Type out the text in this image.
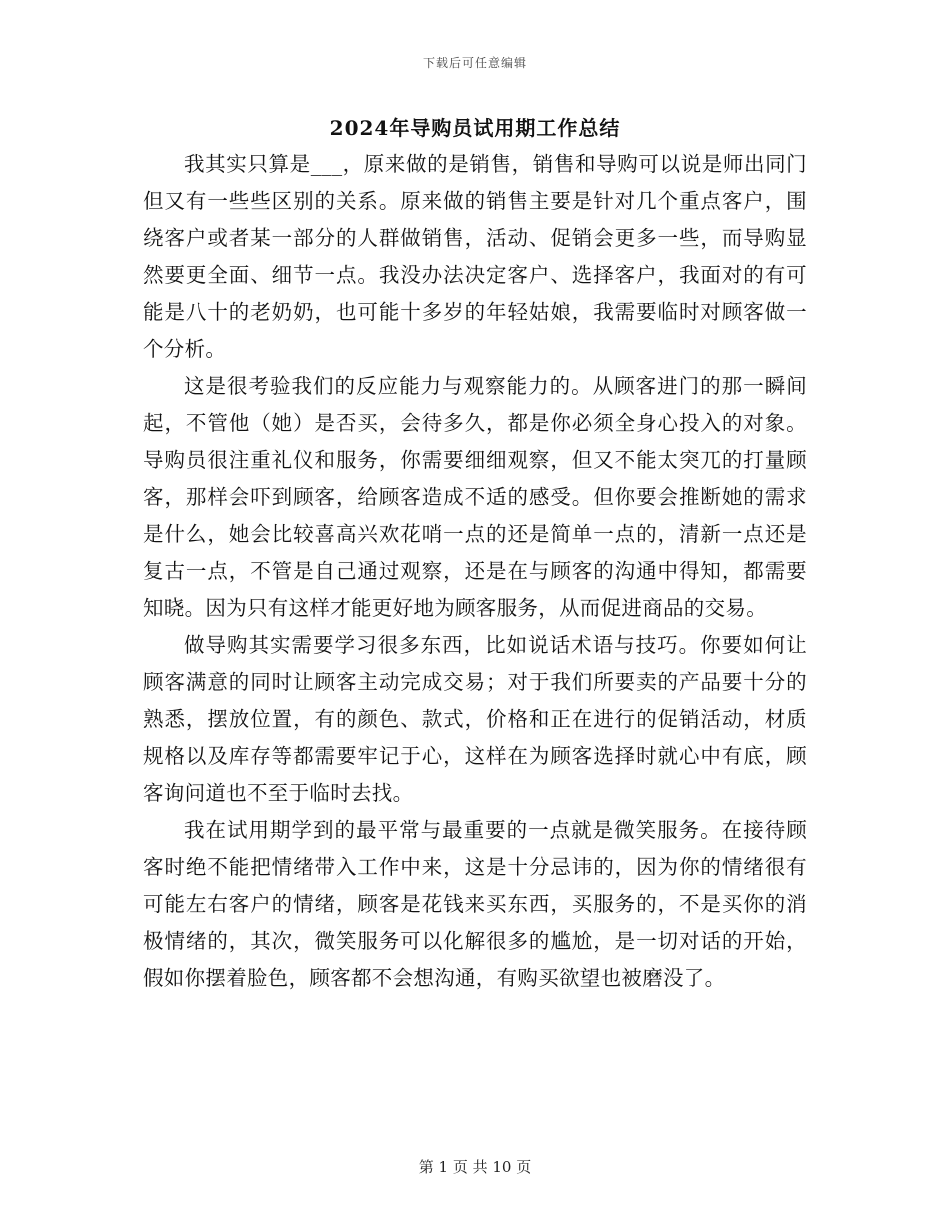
下载后可任意编辑
2024年导购员试用期工作总结

我其实只算是___，原来做的是销售，销售和导购可以说是师出同门但又有一些些区别的关系。原来做的销售主要是针对几个重点客户，围绕客户或者某一部分的人群做销售，活动、促销会更多一些，而导购显然要更全面、细节一点。我没办法决定客户、选择客户，我面对的有可能是八十的老奶奶，也可能十多岁的年轻姑娘，我需要临时对顾客做一个分析。

这是很考验我们的反应能力与观察能力的。从顾客进门的那一瞬间起，不管他（她）是否买，会待多久，都是你必须全身心投入的对象。导购员很注重礼仪和服务，你需要细细观察，但又不能太突兀的打量顾客，那样会吓到顾客，给顾客造成不适的感受。但你要会推断她的需求是什么，她会比较喜高兴欢花哨一点的还是简单一点的，清新一点还是复古一点，不管是自己通过观察，还是在与顾客的沟通中得知，都需要知晓。因为只有这样才能更好地为顾客服务，从而促进商品的交易。

做导购其实需要学习很多东西，比如说话术语与技巧。你要如何让顾客满意的同时让顾客主动完成交易；对于我们所要卖的产品要十分的熟悉，摆放位置，有的颜色、款式，价格和正在进行的促销活动，材质规格以及库存等都需要牢记于心，这样在为顾客选择时就心中有底，顾客询问道也不至于临时去找。

我在试用期学到的最平常与最重要的一点就是微笑服务。在接待顾客时绝不能把情绪带入工作中来，这是十分忌讳的，因为你的情绪很有可能左右客户的情绪，顾客是花钱来买东西，买服务的，不是买你的消极情绪的，其次，微笑服务可以化解很多的尴尬，是一切对话的开始，假如你摆着脸色，顾客都不会想沟通，有购买欲望也被磨没了。

第 1 页 共 10 页
